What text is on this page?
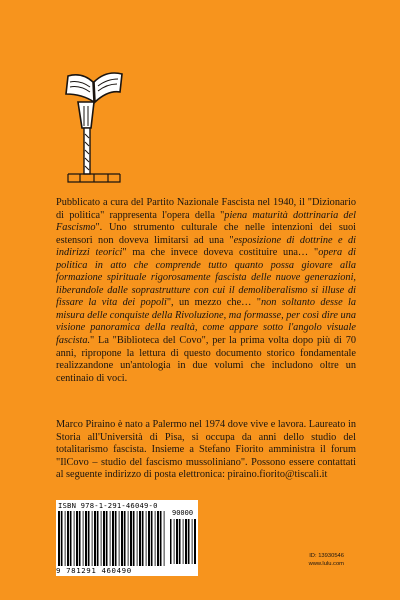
Pubblicato a cura del Partito Nazionale Fascista nel 1940, il "Dizionario di politica" rappresenta l'opera della "piena maturità dottrinaria del Fascismo". Uno strumento culturale che nelle intenzioni dei suoi estensori non doveva limitarsi ad una "esposizione di dottrine e di indirizzi teorici" ma che invece doveva costituire una… "opera di politica in atto che comprende tutto quanto possa giovare alla formazione spirituale rigorosamente fascista delle nuove generazioni, liberandole dalle soprastrutture con cui il demoliberalismo si illuse di fissare la vita dei popoli", un mezzo che… "non soltanto desse la misura delle conquiste della Rivoluzione, ma formasse, per così dire una visione panoramica della realtà, come appare sotto l'angolo visuale fascista." La "Biblioteca del Covo", per la prima volta dopo più di 70 anni, ripropone la lettura di questo documento storico fondamentale realizzandone un'antologia in due volumi che includono oltre un centinaio di voci.

Marco Piraino è nato a Palermo nel 1974 dove vive e lavora. Laureato in Storia all'Università di Pisa, si occupa da anni dello studio del totalitarismo fascista. Insieme a Stefano Fiorito amministra il forum "IlCovo – studio del fascismo mussoliniano". Possono essere contattati al seguente indirizzo di posta elettronica: piraino.fiorito@tiscali.it

ISBN 978-1-291-46049-0
90000
9 781291 460490
ID: 13930546
www.lulu.com
